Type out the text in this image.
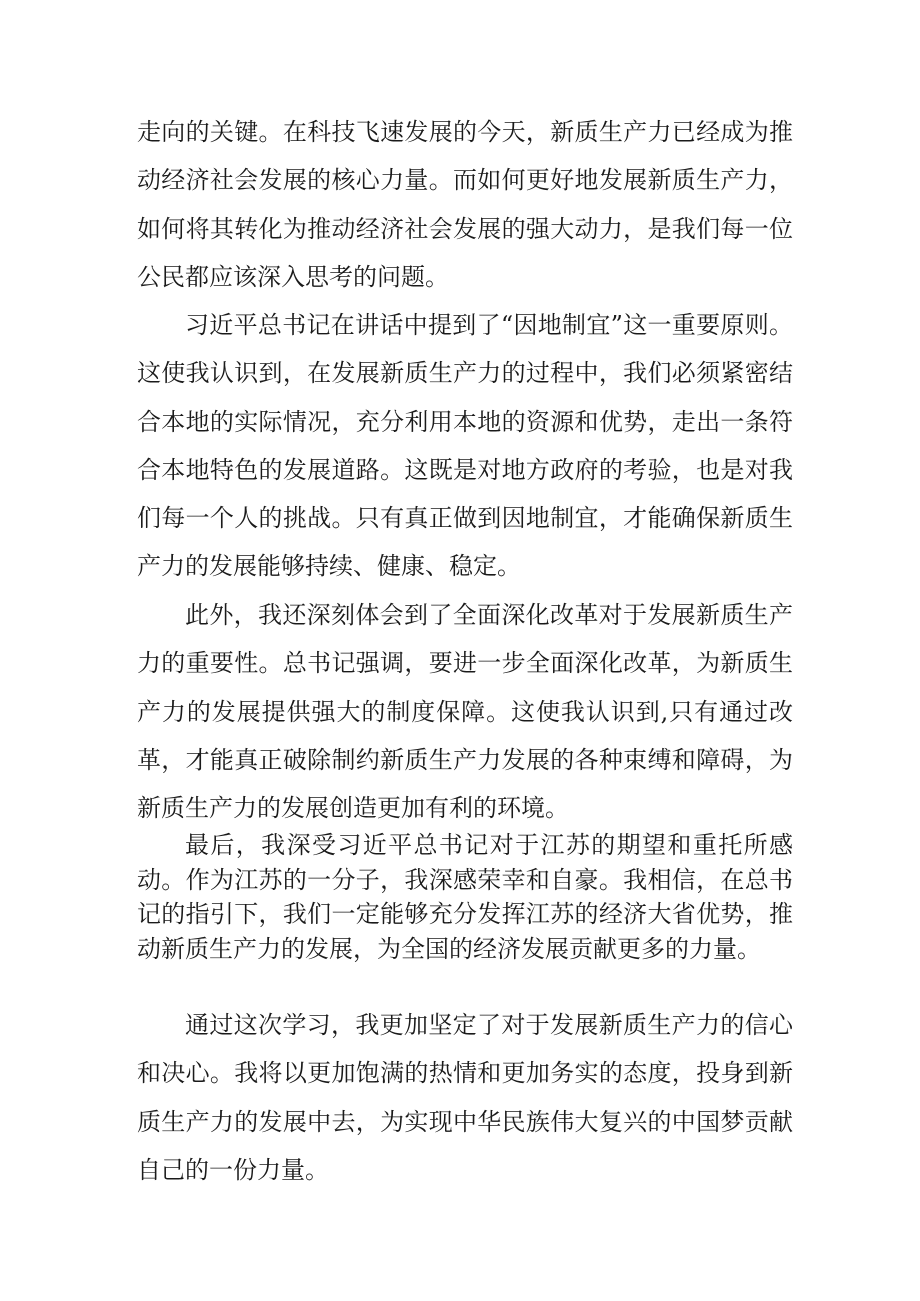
走向的关键。在科技飞速发展的今天，新质生产力已经成为推动经济社会发展的核心力量。而如何更好地发展新质生产力，如何将其转化为推动经济社会发展的强大动力，是我们每一位公民都应该深入思考的问题。

习近平总书记在讲话中提到了“因地制宜”这一重要原则。这使我认识到，在发展新质生产力的过程中，我们必须紧密结合本地的实际情况，充分利用本地的资源和优势，走出一条符合本地特色的发展道路。这既是对地方政府的考验，也是对我们每一个人的挑战。只有真正做到因地制宜，才能确保新质生产力的发展能够持续、健康、稳定。

此外，我还深刻体会到了全面深化改革对于发展新质生产力的重要性。总书记强调，要进一步全面深化改革，为新质生产力的发展提供强大的制度保障。这使我认识到,只有通过改革，才能真正破除制约新质生产力发展的各种束缚和障碍，为新质生产力的发展创造更加有利的环境。

最后，我深受习近平总书记对于江苏的期望和重托所感动。作为江苏的一分子，我深感荣幸和自豪。我相信，在总书记的指引下，我们一定能够充分发挥江苏的经济大省优势，推动新质生产力的发展，为全国的经济发展贡献更多的力量。

通过这次学习，我更加坚定了对于发展新质生产力的信心和决心。我将以更加饱满的热情和更加务实的态度，投身到新质生产力的发展中去，为实现中华民族伟大复兴的中国梦贡献自己的一份力量。
